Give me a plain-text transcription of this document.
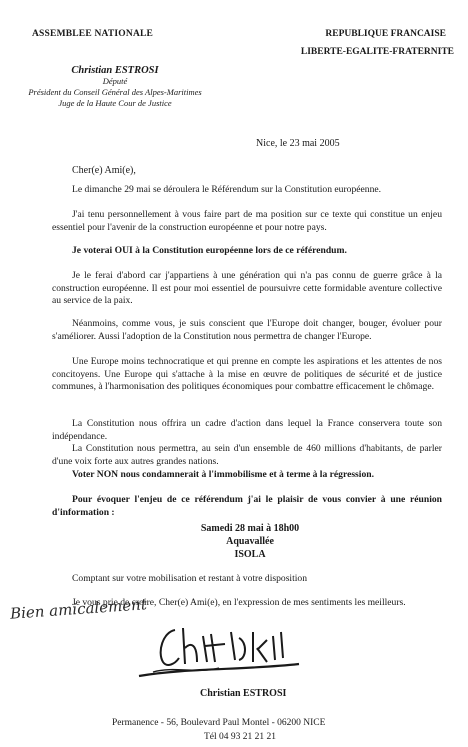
ASSEMBLEE NATIONALE	REPUBLIQUE FRANCAISE
LIBERTE-EGALITE-FRATERNITE
Christian ESTROSI
Député
Président du Conseil Général des Alpes-Maritimes
Juge de la Haute Cour de Justice
Nice, le 23 mai 2005
Cher(e) Ami(e),
Le dimanche 29 mai se déroulera le Référendum sur la Constitution européenne.
J'ai tenu personnellement à vous faire part de ma position sur ce texte qui constitue un enjeu essentiel pour l'avenir de la construction européenne et pour notre pays.
Je voterai OUI à la Constitution européenne lors de ce référendum.
Je le ferai d'abord car j'appartiens à une génération qui n'a pas connu de guerre grâce à la construction européenne. Il est pour moi essentiel de poursuivre cette formidable aventure collective au service de la paix.
Néanmoins, comme vous, je suis conscient que l'Europe doit changer, bouger, évoluer pour s'améliorer. Aussi l'adoption de la Constitution nous permettra de changer l'Europe.
Une Europe moins technocratique et qui prenne en compte les aspirations et les attentes de nos concitoyens. Une Europe qui s'attache à la mise en œuvre de politiques de sécurité et de justice communes, à l'harmonisation des politiques économiques pour combattre efficacement le chômage.
La Constitution nous offrira un cadre d'action dans lequel la France conservera toute son indépendance.
La Constitution nous permettra, au sein d'un ensemble de 460 millions d'habitants, de parler d'une voix forte aux autres grandes nations.
Voter NON nous condamnerait à l'immobilisme et à terme à la régression.
Pour évoquer l'enjeu de ce référendum j'ai le plaisir de vous convier à une réunion d'information :
Samedi 28 mai à 18h00
Aquavallée
ISOLA
Comptant sur votre mobilisation et restant à votre disposition
Je vous prie de croire, Cher(e) Ami(e), en l'expression de mes sentiments les meilleurs.
Bien amicalement
Christian ESTROSI
Permanence - 56, Boulevard Paul Montel - 06200 NICE
Tél 04 93 21 21 21
